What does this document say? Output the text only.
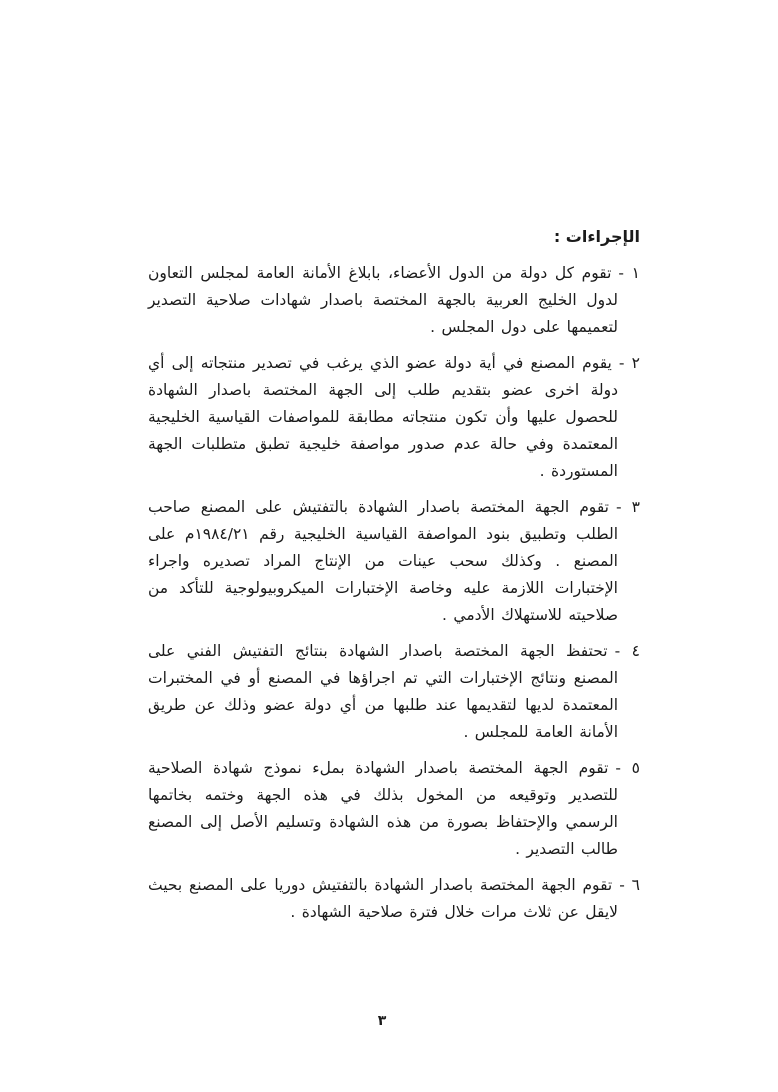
الإجراءات :
١ -تقوم كل دولة من الدول الأعضاء، بابلاغ الأمانة العامة لمجلس التعاون لدول الخليج العربية بالجهة المختصة باصدار شهادات صلاحية التصدير لتعميمها على دول المجلس .
٢ -يقوم المصنع في أية دولة عضو الذي يرغب في تصدير منتجاته إلى أي دولة اخرى عضو بتقديم طلب إلى الجهة المختصة باصدار الشهادة للحصول عليها وأن تكون منتجاته مطابقة للمواصفات القياسية الخليجية المعتمدة وفي حالة عدم صدور مواصفة خليجية تطبق متطلبات الجهة المستوردة .
٣ -تقوم الجهة المختصة باصدار الشهادة بالتفتيش على المصنع صاحب الطلب وتطبيق بنود المواصفة القياسية الخليجية رقم ١٩٨٤/٢١م على المصنع . وكذلك سحب عينات من الإنتاج المراد تصديره واجراء الإختبارات اللازمة عليه وخاصة الإختبارات الميكروبيولوجية للتأكد من صلاحيته للاستهلاك الأدمي .
٤ -تحتفظ الجهة المختصة باصدار الشهادة بنتائج التفتيش الفني على المصنع ونتائج الإختبارات التي تم اجراؤها في المصنع أو في المختبرات المعتمدة لديها لتقديمها عند طلبها من أي دولة عضو وذلك عن طريق الأمانة العامة للمجلس .
٥ -تقوم الجهة المختصة باصدار الشهادة بملء نموذج شهادة الصلاحية للتصدير وتوقيعه من المخول بذلك في هذه الجهة وختمه بخاتمها الرسمي والإحتفاظ بصورة من هذه الشهادة وتسليم الأصل إلى المصنع طالب التصدير .
٦ -تقوم الجهة المختصة باصدار الشهادة بالتفتيش دوريا على المصنع بحيث لايقل عن ثلاث مرات خلال فترة صلاحية الشهادة .
٣
